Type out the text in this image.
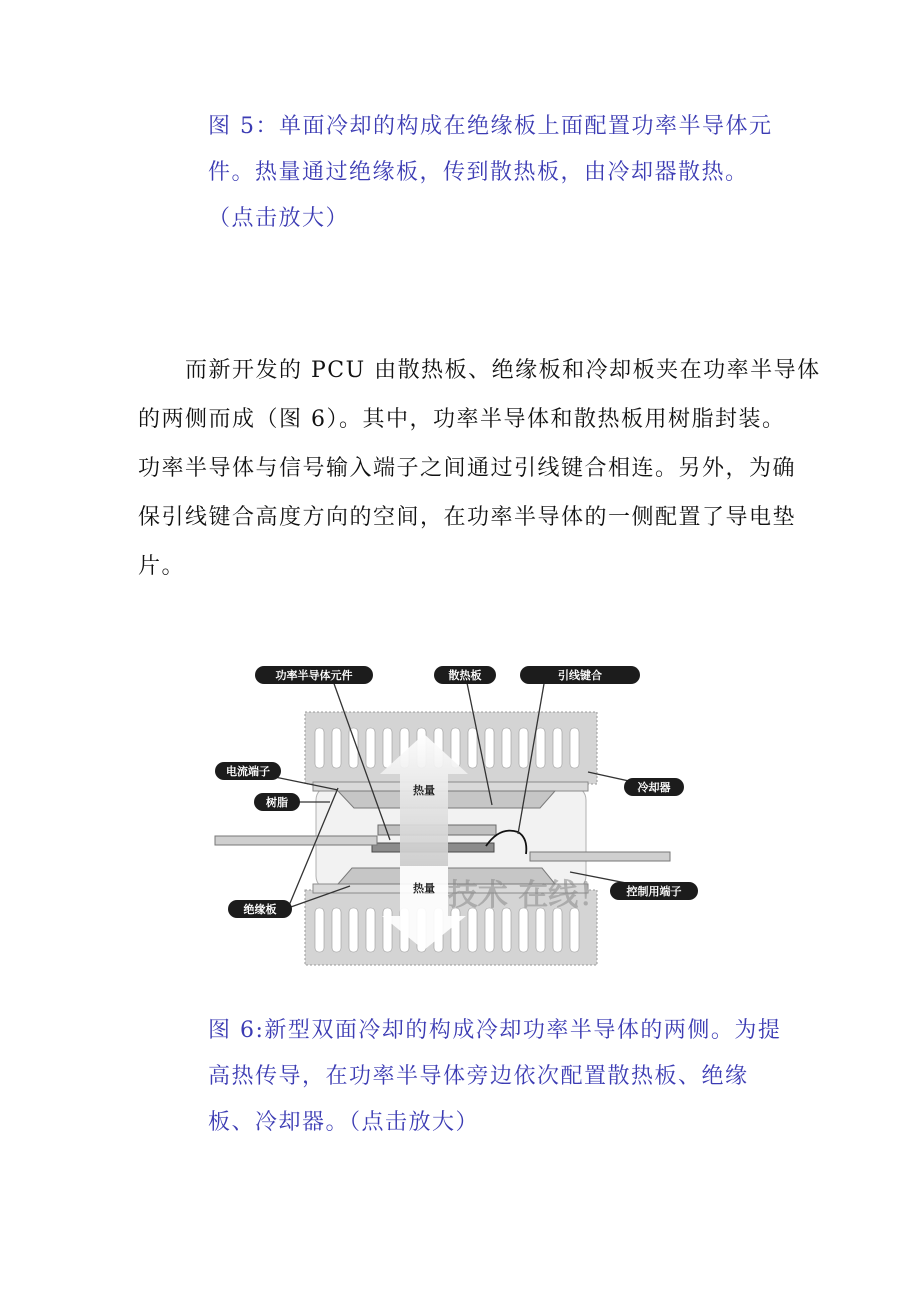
图 5：单面冷却的构成在绝缘板上面配置功率半导体元
件。热量通过绝缘板，传到散热板，由冷却器散热。
（点击放大）
　　而新开发的 PCU 由散热板、绝缘板和冷却板夹在功率半导体
的两侧而成（图 6）。其中，功率半导体和散热板用树脂封装。
功率半导体与信号输入端子之间通过引线键合相连。另外，为确
保引线键合高度方向的空间，在功率半导体的一侧配置了导电垫
片。
热量
热量 技术 在线！
功率半导体元件	散热板	引线键合
电流端子
树脂
冷却器
绝缘板
控制用端子
图 6:新型双面冷却的构成冷却功率半导体的两侧。为提
高热传导，在功率半导体旁边依次配置散热板、绝缘
板、冷却器。（点击放大）
